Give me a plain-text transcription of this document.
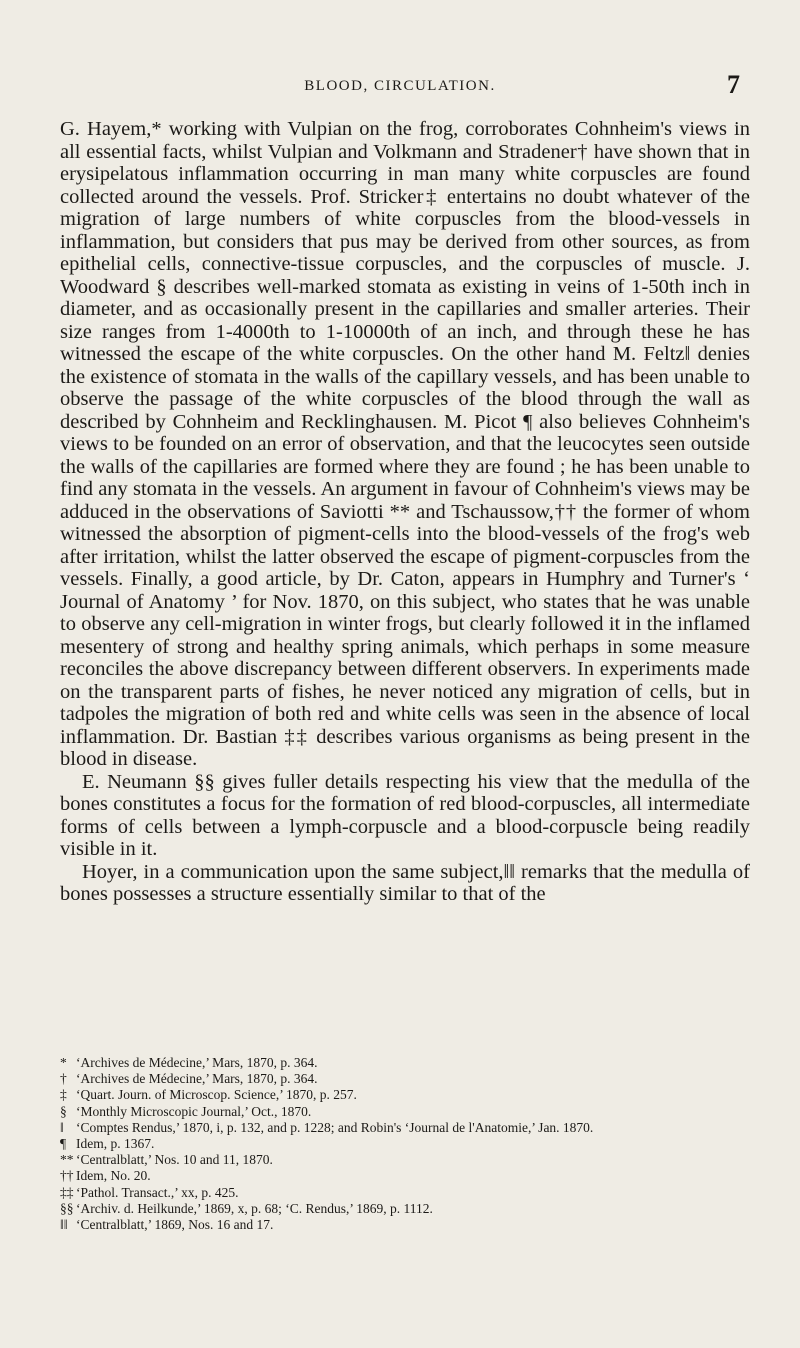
BLOOD, CIRCULATION.	7

G. Hayem,* working with Vulpian on the frog, corroborates Cohnheim's views in all essential facts, whilst Vulpian and Volkmann and Stradener† have shown that in erysipelatous inflammation occurring in man many white corpuscles are found collected around the vessels. Prof. Stricker‡ entertains no doubt whatever of the migration of large numbers of white corpuscles from the blood-vessels in inflammation, but considers that pus may be derived from other sources, as from epithelial cells, connective-tissue corpuscles, and the corpuscles of muscle. J. Woodward § describes well-marked stomata as existing in veins of 1-50th inch in diameter, and as occasionally present in the capillaries and smaller arteries. Their size ranges from 1-4000th to 1-10000th of an inch, and through these he has witnessed the escape of the white corpuscles. On the other hand M. Feltz‖ denies the existence of stomata in the walls of the capillary vessels, and has been unable to observe the passage of the white corpuscles of the blood through the wall as described by Cohnheim and Recklinghausen. M. Picot ¶ also believes Cohnheim's views to be founded on an error of observation, and that the leucocytes seen outside the walls of the capillaries are formed where they are found ; he has been unable to find any stomata in the vessels. An argument in favour of Cohnheim's views may be adduced in the observations of Saviotti ** and Tschaussow,†† the former of whom witnessed the absorption of pigment-cells into the blood-vessels of the frog's web after irritation, whilst the latter observed the escape of pigment-corpuscles from the vessels. Finally, a good article, by Dr. Caton, appears in Humphry and Turner's ‘ Journal of Anatomy ’ for Nov. 1870, on this subject, who states that he was unable to observe any cell-migration in winter frogs, but clearly followed it in the inflamed mesentery of strong and healthy spring animals, which perhaps in some measure reconciles the above discrepancy between different observers. In experiments made on the transparent parts of fishes, he never noticed any migration of cells, but in tadpoles the migration of both red and white cells was seen in the absence of local inflammation. Dr. Bastian ‡‡ describes various organisms as being present in the blood in disease.

E. Neumann §§ gives fuller details respecting his view that the medulla of the bones constitutes a focus for the formation of red blood-corpuscles, all intermediate forms of cells between a lymph-corpuscle and a blood-corpuscle being readily visible in it.

Hoyer, in a communication upon the same subject,‖‖ remarks that the medulla of bones possesses a structure essentially similar to that of the

* ‘Archives de Médecine,’ Mars, 1870, p. 364.
† ‘Archives de Médecine,’ Mars, 1870, p. 364.
‡ ‘Quart. Journ. of Microscop. Science,’ 1870, p. 257.
§ ‘Monthly Microscopic Journal,’ Oct., 1870.
‖ ‘Comptes Rendus,’ 1870, i, p. 132, and p. 1228; and Robin's ‘Journal de l'Anatomie,’ Jan. 1870.
¶ Idem, p. 1367.
** ‘Centralblatt,’ Nos. 10 and 11, 1870.
†† Idem, No. 20.
‡‡ ‘Pathol. Transact.,’ xx, p. 425.
§§ ‘Archiv. d. Heilkunde,’ 1869, x, p. 68; ‘C. Rendus,’ 1869, p. 1112.
‖‖ ‘Centralblatt,’ 1869, Nos. 16 and 17.
